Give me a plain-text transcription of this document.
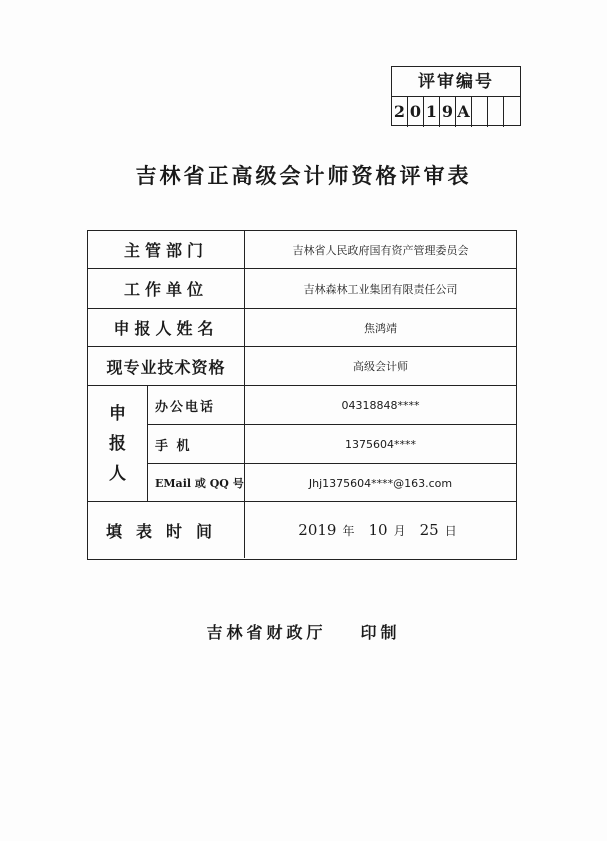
评审编号
2 0 1 9 A
吉林省正高级会计师资格评审表
主管部门	吉林省人民政府国有资产管理委员会
工作单位	吉林森林工业集团有限责任公司
申报人姓名	焦鸿靖
现专业技术资格	高级会计师
申
报
人
办公电话	04318848****
手 机	1375604****
EMail 或 QQ 号	Jhj1375604****@163.com
填表时间	2019 年 10 月 25 日
吉林省财政厅 印制
